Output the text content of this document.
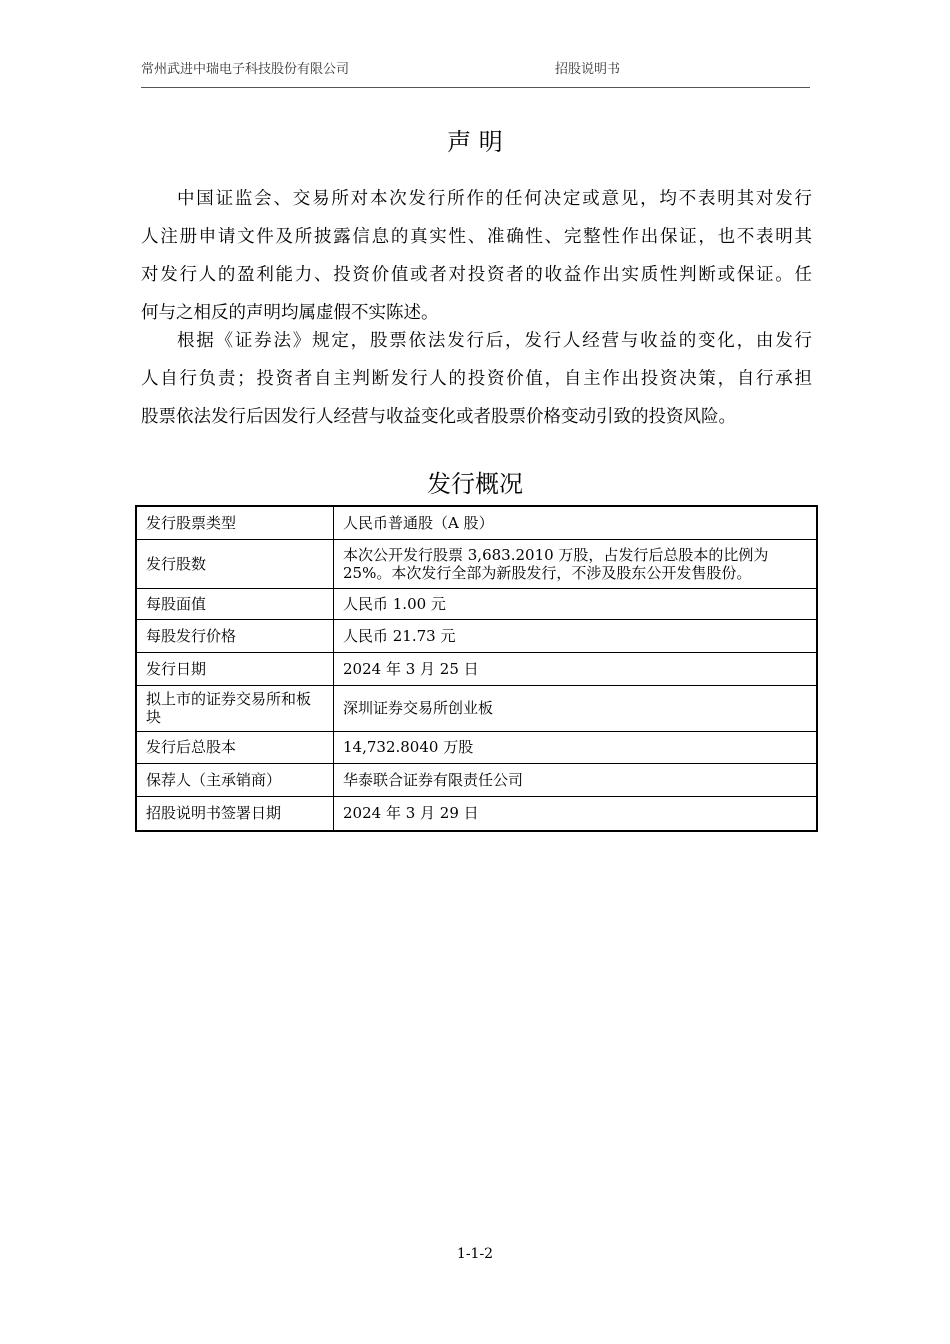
常州武进中瑞电子科技股份有限公司	招股说明书
声 明
中国证监会、交易所对本次发行所作的任何决定或意见，均不表明其对发行
人注册申请文件及所披露信息的真实性、准确性、完整性作出保证，也不表明其
对发行人的盈利能力、投资价值或者对投资者的收益作出实质性判断或保证。任
何与之相反的声明均属虚假不实陈述。
根据《证券法》规定，股票依法发行后，发行人经营与收益的变化，由发行
人自行负责；投资者自主判断发行人的投资价值，自主作出投资决策，自行承担
股票依法发行后因发行人经营与收益变化或者股票价格变动引致的投资风险。
发行概况
发行股票类型	人民币普通股（A 股）
发行股数	本次公开发行股票 3,683.2010 万股，占发行后总股本的比例为 25%。本次发行全部为新股发行，不涉及股东公开发售股份。
每股面值	人民币 1.00 元
每股发行价格	人民币 21.73 元
发行日期	2024 年 3 月 25 日
拟上市的证券交易所和板块	深圳证券交易所创业板
发行后总股本	14,732.8040 万股
保荐人（主承销商）	华泰联合证券有限责任公司
招股说明书签署日期	2024 年 3 月 29 日
1-1-2
